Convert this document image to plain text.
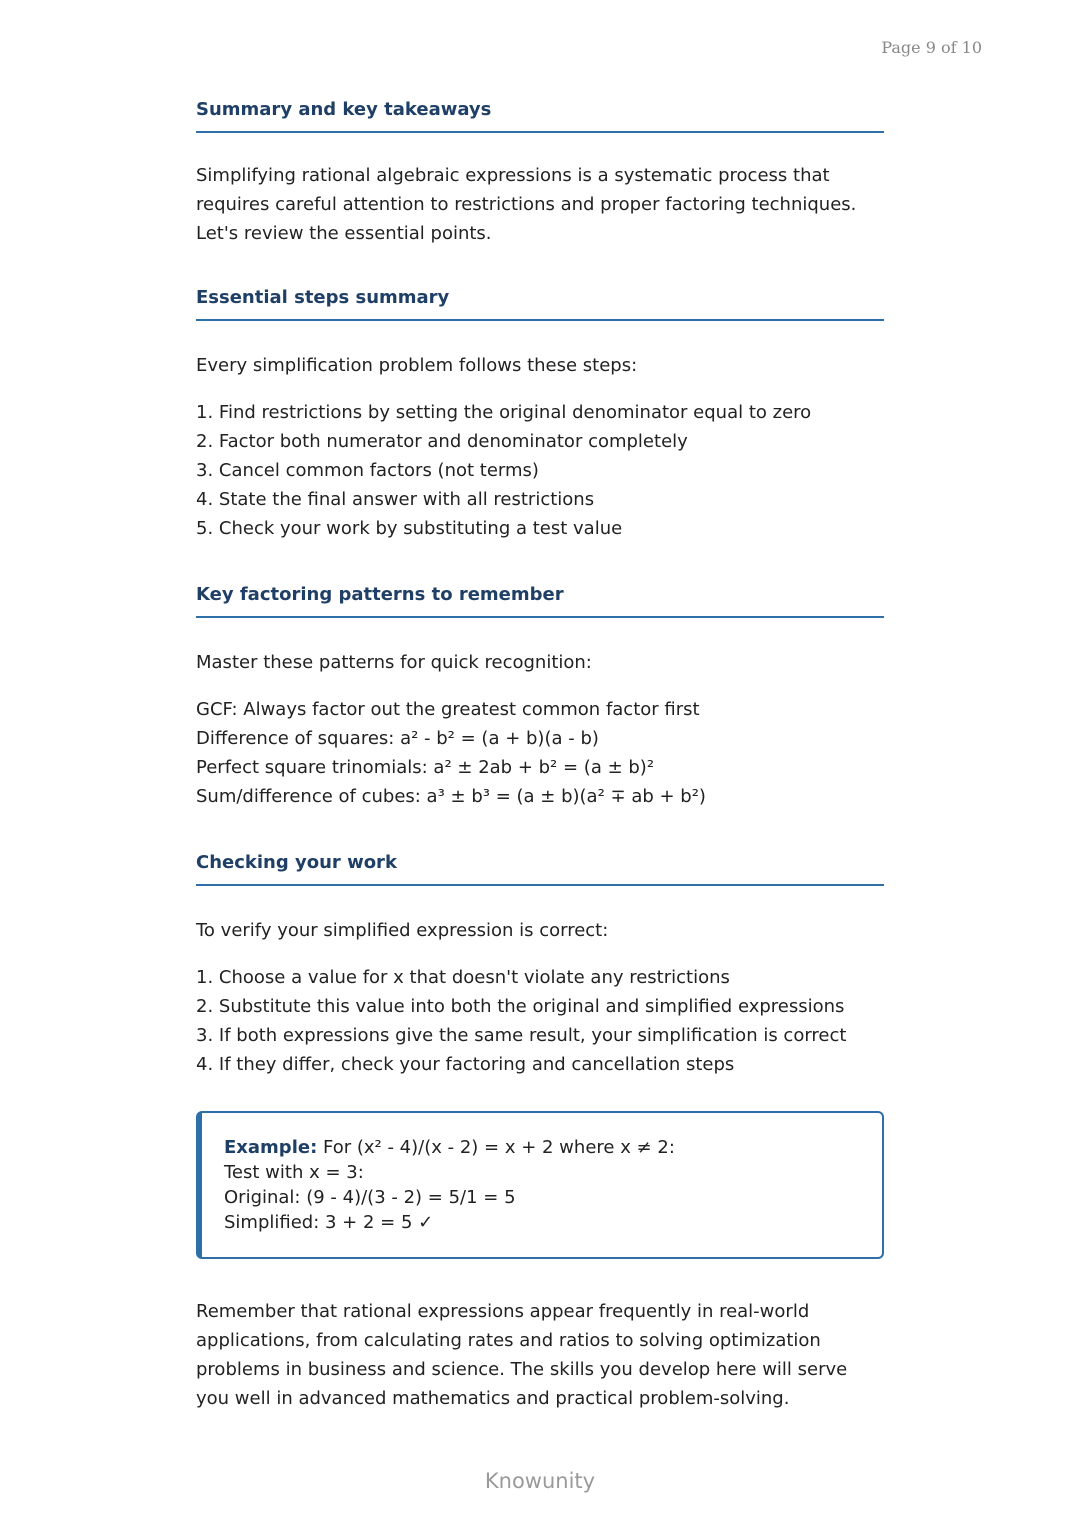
Page 9 of 10
Summary and key takeaways

Simplifying rational algebraic expressions is a systematic process that requires careful attention to restrictions and proper factoring techniques. Let's review the essential points.

Essential steps summary

Every simplification problem follows these steps:

1. Find restrictions by setting the original denominator equal to zero
2. Factor both numerator and denominator completely
3. Cancel common factors (not terms)
4. State the final answer with all restrictions
5. Check your work by substituting a test value
Key factoring patterns to remember

Master these patterns for quick recognition:

GCF: Always factor out the greatest common factor first
Difference of squares: a² - b² = (a + b)(a - b)
Perfect square trinomials: a² ± 2ab + b² = (a ± b)²
Sum/difference of cubes: a³ ± b³ = (a ± b)(a² ∓ ab + b²)
Checking your work

To verify your simplified expression is correct:

1. Choose a value for x that doesn't violate any restrictions
2. Substitute this value into both the original and simplified expressions
3. If both expressions give the same result, your simplification is correct
4. If they differ, check your factoring and cancellation steps
Example: For (x² - 4)/(x - 2) = x + 2 where x ≠ 2:
Test with x = 3:
Original: (9 - 4)/(3 - 2) = 5/1 = 5
Simplified: 3 + 2 = 5 ✓

Remember that rational expressions appear frequently in real-world applications, from calculating rates and ratios to solving optimization problems in business and science. The skills you develop here will serve you well in advanced mathematics and practical problem-solving.

Knowunity
